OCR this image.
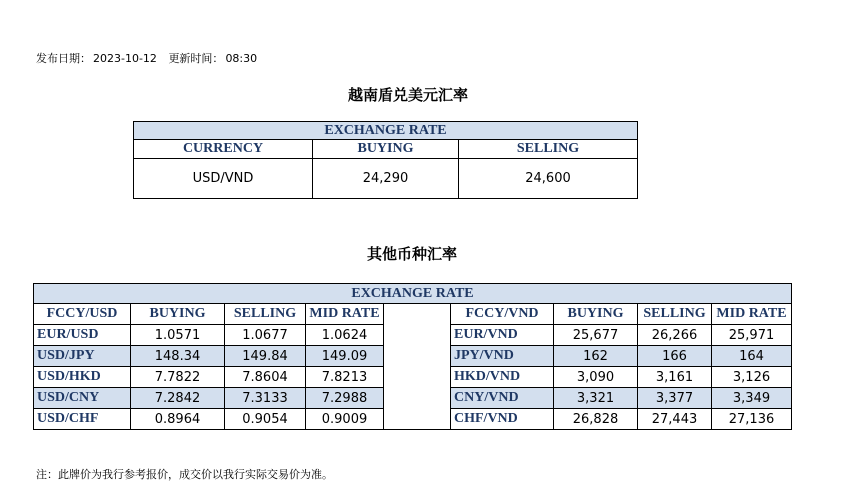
发布日期： 2023-10-12 更新时间： 08:30
越南盾兑美元汇率
EXCHANGE RATE		
CURRENCY	BUYING	SELLING
USD/VND	24,290	24,600
其他币种汇率
EXCHANGE RATE								
FCCY/USD	BUYING	SELLING	MID RATE		FCCY/VND	BUYING	SELLING	MID RATE
EUR/USD	1.0571	1.0677	1.0624		EUR/VND	25,677	26,266	25,971
USD/JPY	148.34	149.84	149.09		JPY/VND	162	166	164
USD/HKD	7.7822	7.8604	7.8213		HKD/VND	3,090	3,161	3,126
USD/CNY	7.2842	7.3133	7.2988		CNY/VND	3,321	3,377	3,349
USD/CHF	0.8964	0.9054	0.9009		CHF/VND	26,828	27,443	27,136
注：此牌价为我行参考报价，成交价以我行实际交易价为准。
